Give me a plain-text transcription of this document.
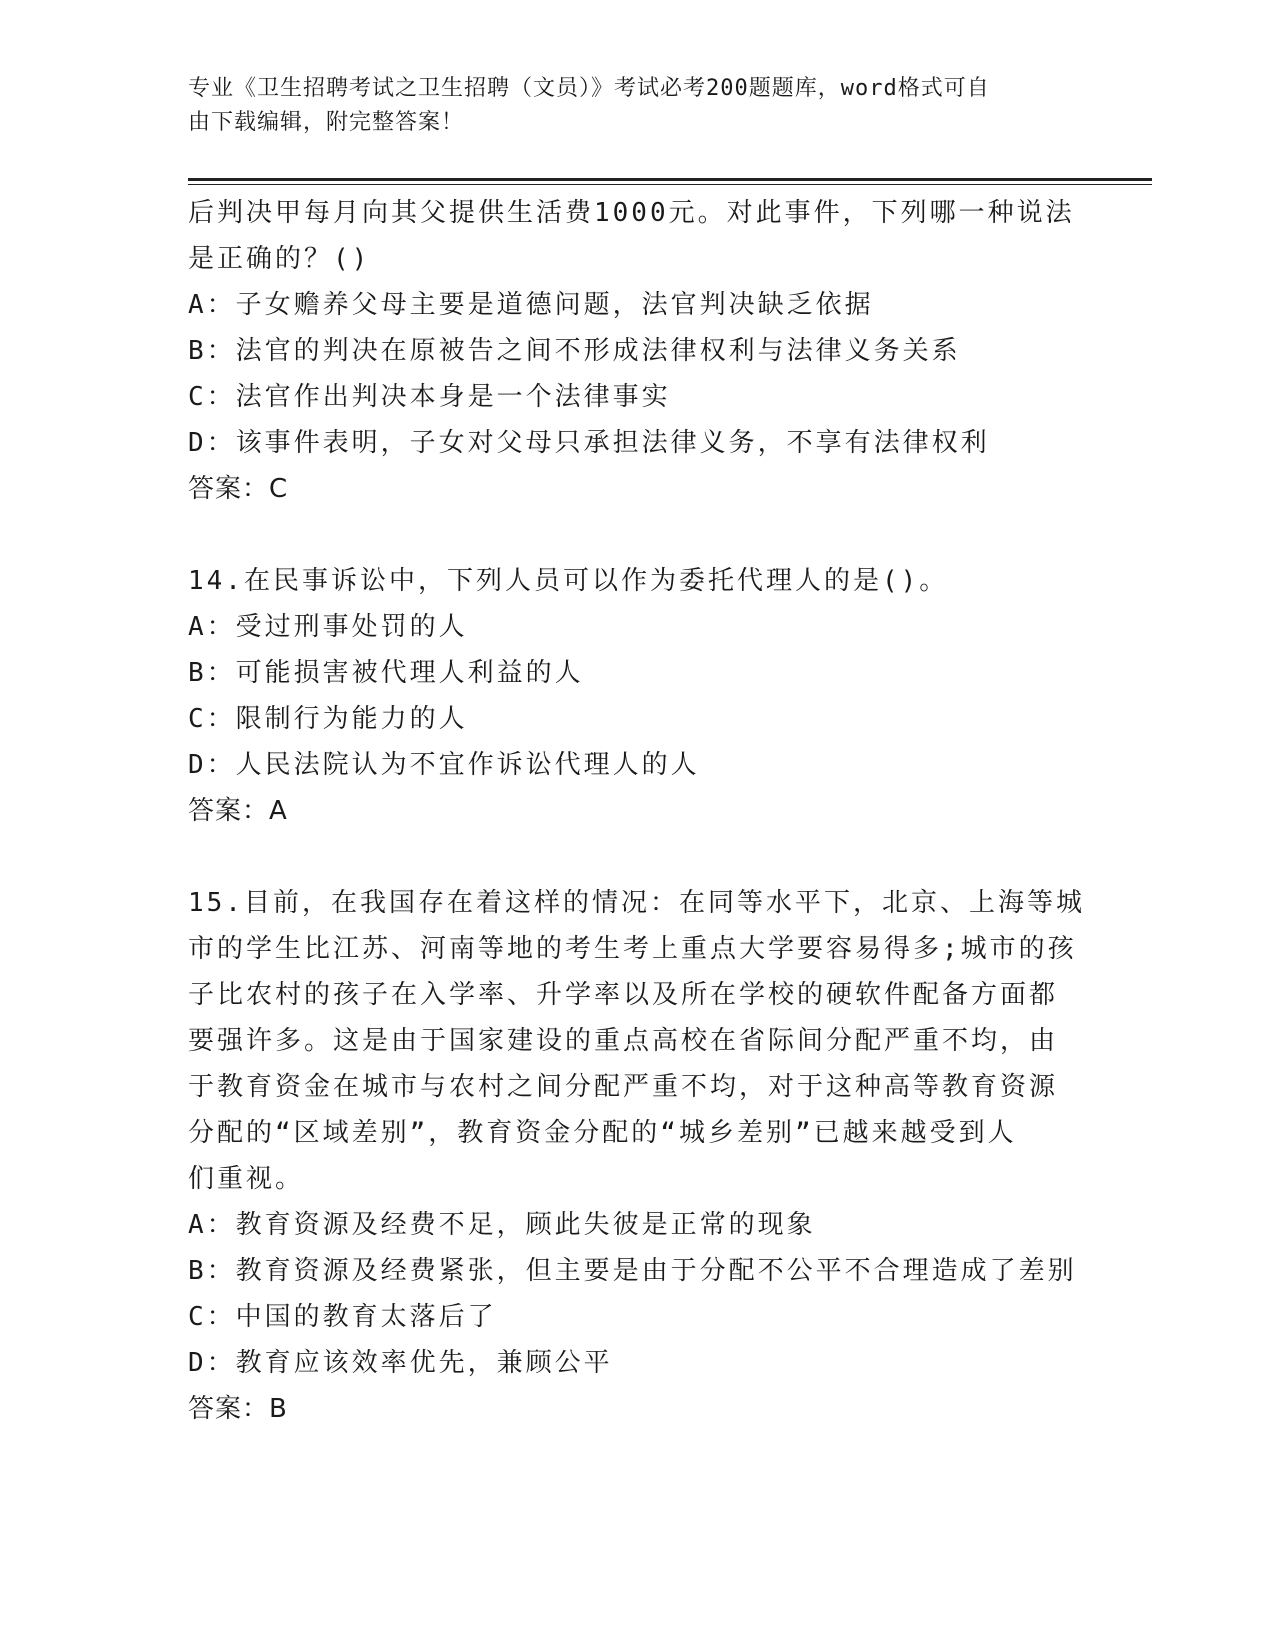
专业《卫生招聘考试之卫生招聘（文员）》考试必考200题题库，word格式可自
由下载编辑，附完整答案！
后判决甲每月向其父提供生活费1000元。对此事件，下列哪一种说法
是正确的？()
A：子女赡养父母主要是道德问题，法官判决缺乏依据
B：法官的判决在原被告之间不形成法律权利与法律义务关系
C：法官作出判决本身是一个法律事实
D：该事件表明，子女对父母只承担法律义务，不享有法律权利
答案：C
14.在民事诉讼中，下列人员可以作为委托代理人的是()。
A：受过刑事处罚的人
B：可能损害被代理人利益的人
C：限制行为能力的人
D：人民法院认为不宜作诉讼代理人的人
答案：A
15.目前，在我国存在着这样的情况：在同等水平下，北京、上海等城
市的学生比江苏、河南等地的考生考上重点大学要容易得多;城市的孩
子比农村的孩子在入学率、升学率以及所在学校的硬软件配备方面都
要强许多。这是由于国家建设的重点高校在省际间分配严重不均，由
于教育资金在城市与农村之间分配严重不均，对于这种高等教育资源
分配的“区域差别”，教育资金分配的“城乡差别”已越来越受到人
们重视。
A：教育资源及经费不足，顾此失彼是正常的现象
B：教育资源及经费紧张，但主要是由于分配不公平不合理造成了差别
C：中国的教育太落后了
D：教育应该效率优先，兼顾公平
答案：B
